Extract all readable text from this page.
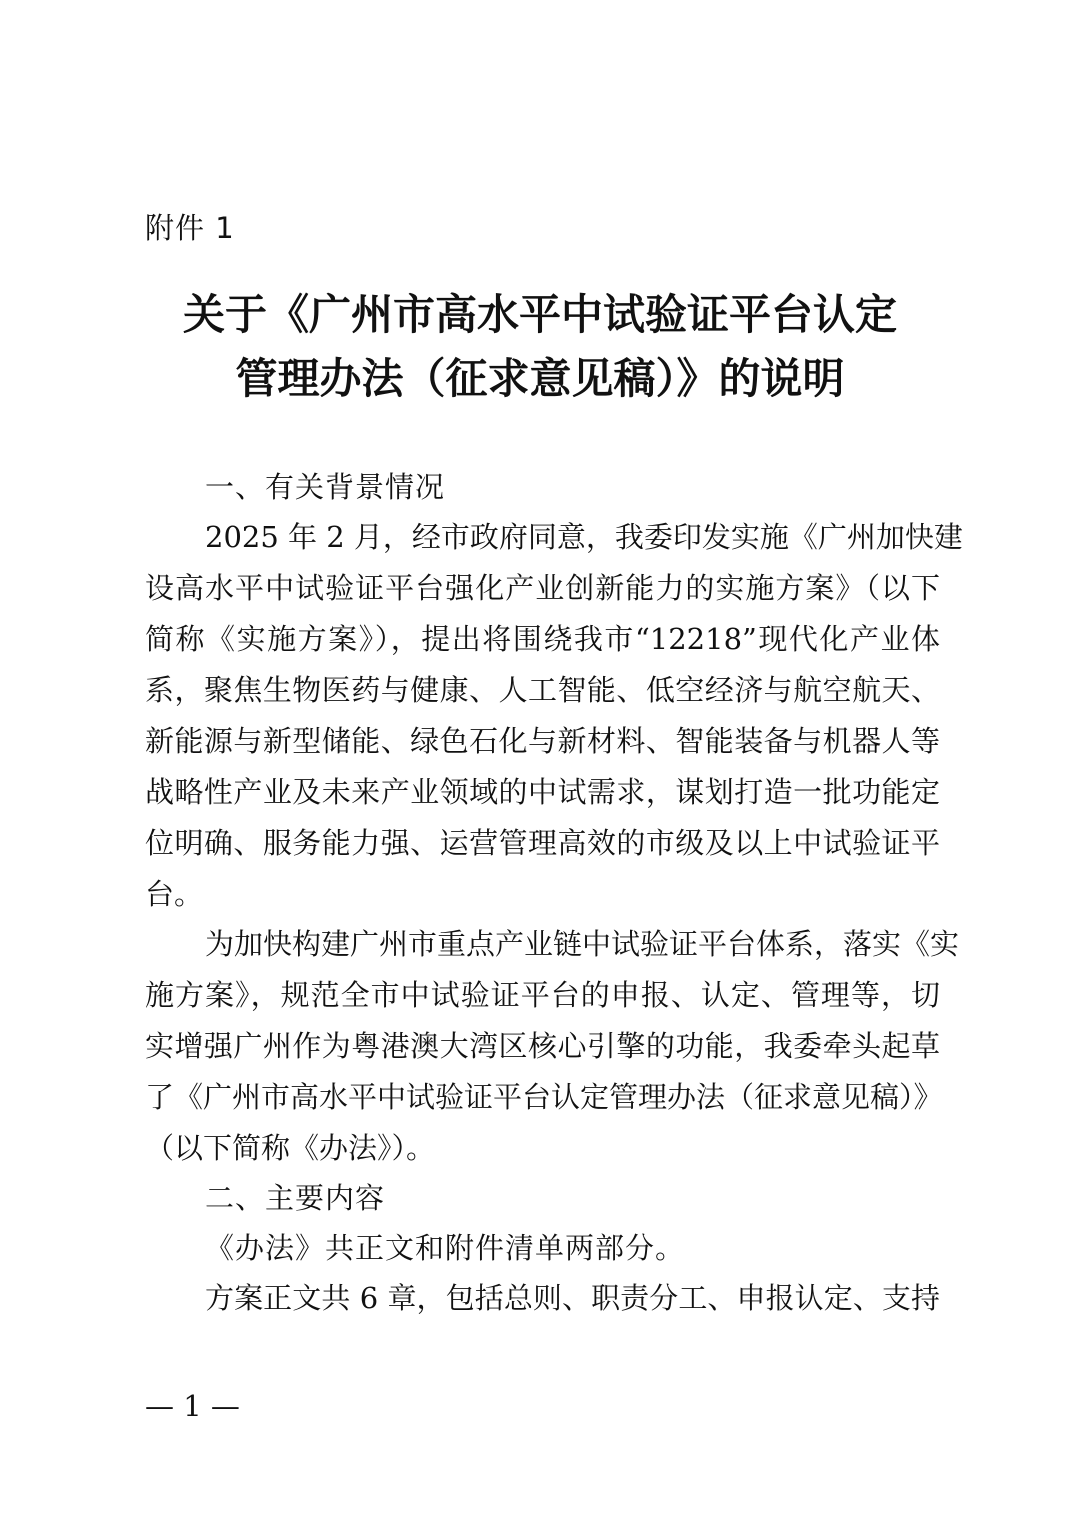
附件 1
关于《广州市高水平中试验证平台认定
管理办法（征求意见稿）》的说明
一、有关背景情况
2025 年 2 月，经市政府同意，我委印发实施《广州加快建
设高水平中试验证平台强化产业创新能力的实施方案》（以下
简称《实施方案》），提出将围绕我市“12218”现代化产业体
系，聚焦生物医药与健康、人工智能、低空经济与航空航天、
新能源与新型储能、绿色石化与新材料、智能装备与机器人等
战略性产业及未来产业领域的中试需求，谋划打造一批功能定
位明确、服务能力强、运营管理高效的市级及以上中试验证平
台。
为加快构建广州市重点产业链中试验证平台体系，落实《实
施方案》，规范全市中试验证平台的申报、认定、管理等，切
实增强广州作为粤港澳大湾区核心引擎的功能，我委牵头起草
了《广州市高水平中试验证平台认定管理办法（征求意见稿）》
（以下简称《办法》）。
二、主要内容
《办法》共正文和附件清单两部分。
方案正文共 6 章，包括总则、职责分工、申报认定、支持
— 1 —
